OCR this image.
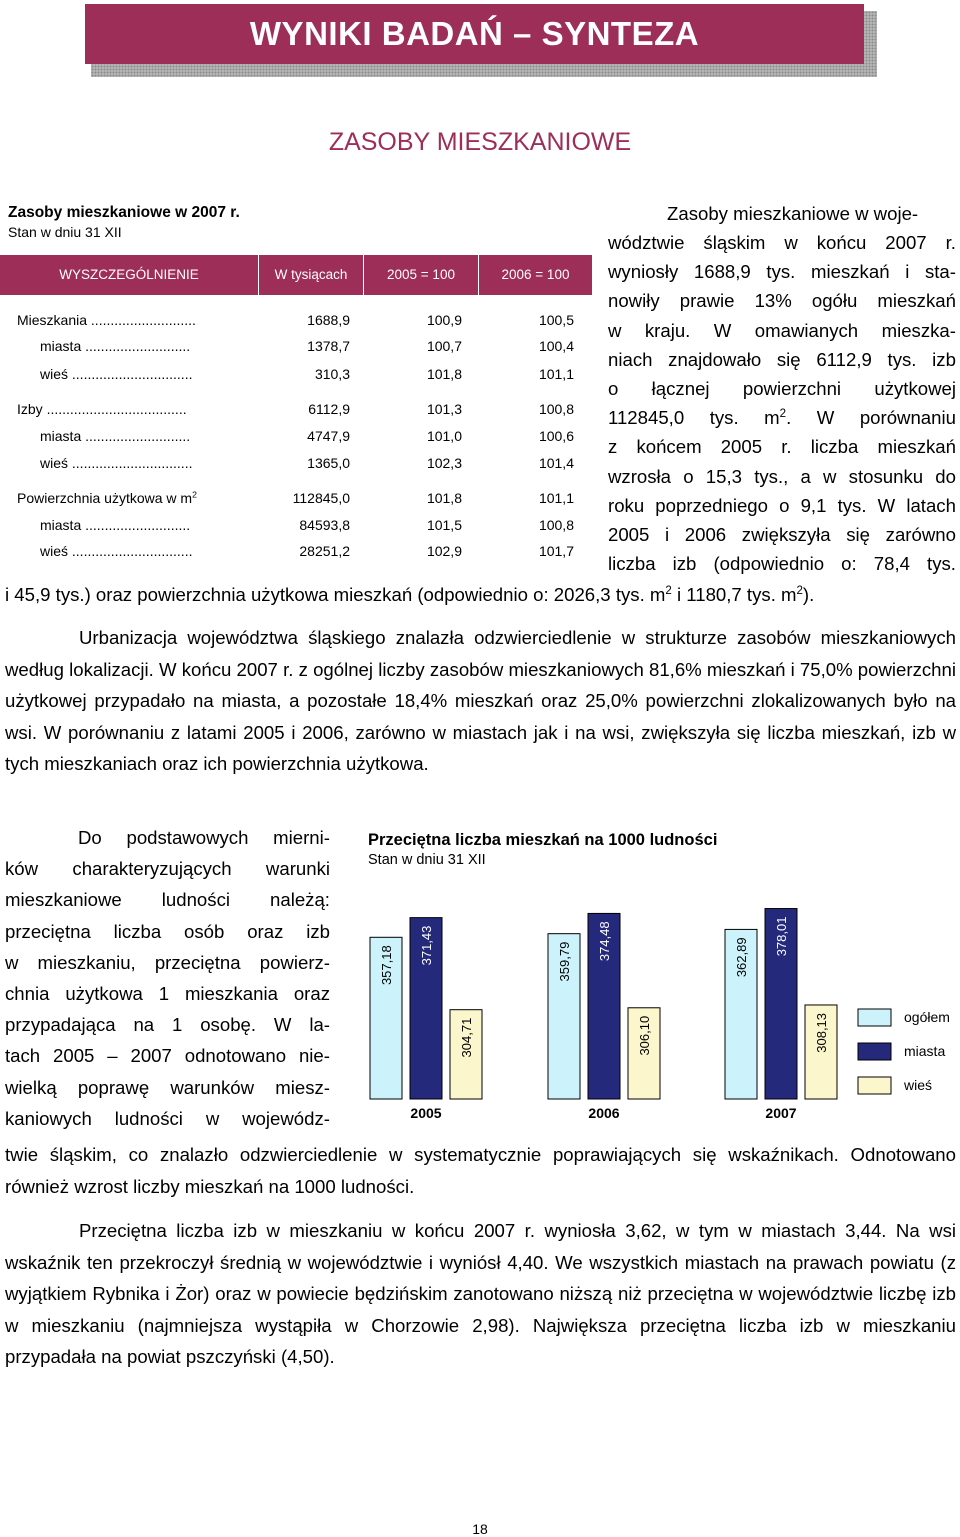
WYNIKI BADAŃ – SYNTEZA
ZASOBY MIESZKANIOWE
Zasoby mieszkaniowe w 2007 r.
Stan w dniu 31 XII
WYSZCZEGÓLNIENIE	W tysiącach	2005 = 100	2006 = 100
Mieszkania ...........................	1688,9	100,9	100,5
miasta ...........................	1378,7	100,7	100,4
wieś ...............................	310,3	101,8	101,1
Izby ....................................	6112,9	101,3	100,8
miasta ...........................	4747,9	101,0	100,6
wieś ...............................	1365,0	102,3	101,4
Powierzchnia użytkowa w $m^2$	112845,0	101,8	101,1
miasta ...........................	84593,8	101,5	100,8
wieś ...............................	28251,2	102,9	101,7
Zasoby mieszkaniowe w woje-
wództwie śląskim w końcu 2007 r.
wyniosły 1688,9 tys. mieszkań i sta-
nowiły prawie 13% ogółu mieszkań
w kraju. W omawianych mieszka-
niach znajdowało się 6112,9 tys. izb
o łącznej powierzchni użytkowej
112845,0 tys. $m^2$. W porównaniu
z końcem 2005 r. liczba mieszkań
wzrosła o 15,3 tys., a w stosunku do
roku poprzedniego o 9,1 tys. W latach
2005 i 2006 zwiększyła się zarówno
liczba izb (odpowiednio o: 78,4 tys.
i 45,9 tys.) oraz powierzchnia użytkowa mieszkań (odpowiednio o: 2026,3 tys. $m^2$ i 1180,7 tys. $m^2$).
Urbanizacja województwa śląskiego znalazła odzwierciedlenie w strukturze zasobów mieszkaniowych według lokalizacji. W końcu 2007 r. z ogólnej liczby zasobów mieszkaniowych 81,6% mieszkań i 75,0% powierzchni użytkowej przypadało na miasta, a pozostałe 18,4% mieszkań oraz 25,0% powierzchni zlokalizowanych było na wsi. W porównaniu z latami 2005 i 2006, zarówno w miastach jak i na wsi, zwiększyła się liczba mieszkań, izb w tych mieszkaniach oraz ich powierzchnia użytkowa.
Do podstawowych mierni-
ków charakteryzujących warunki
mieszkaniowe ludności należą:
przeciętna liczba osób oraz izb
w mieszkaniu, przeciętna powierz-
chnia użytkowa 1 mieszkania oraz
przypadająca na 1 osobę. W la-
tach 2005 – 2007 odnotowano nie-
wielką poprawę warunków miesz-
kaniowych ludności w wojewódz-
twie śląskim, co znalazło odzwierciedlenie w systematycznie poprawiających się wskaźnikach. Odnotowano również wzrost liczby mieszkań na 1000 ludności.
Przeciętna liczba mieszkań na 1000 ludności
Stan w dniu 31 XII
357,18 371,43
304,71
2005
359,79
374,48
306,10
2006
362,89
378,01
308,13
2007
ogółem
miasta
wieś
Przeciętna liczba izb w mieszkaniu w końcu 2007 r. wyniosła 3,62, w tym w miastach 3,44. Na wsi wskaźnik ten przekroczył średnią w województwie i wyniósł 4,40. We wszystkich miastach na prawach powiatu (z wyjątkiem Rybnika i Żor) oraz w powiecie będzińskim zanotowano niższą niż przeciętna w województwie liczbę izb w mieszkaniu (najmniejsza wystąpiła w Chorzowie 2,98). Największa przeciętna liczba izb w mieszkaniu przypadała na powiat pszczyński (4,50).
18
